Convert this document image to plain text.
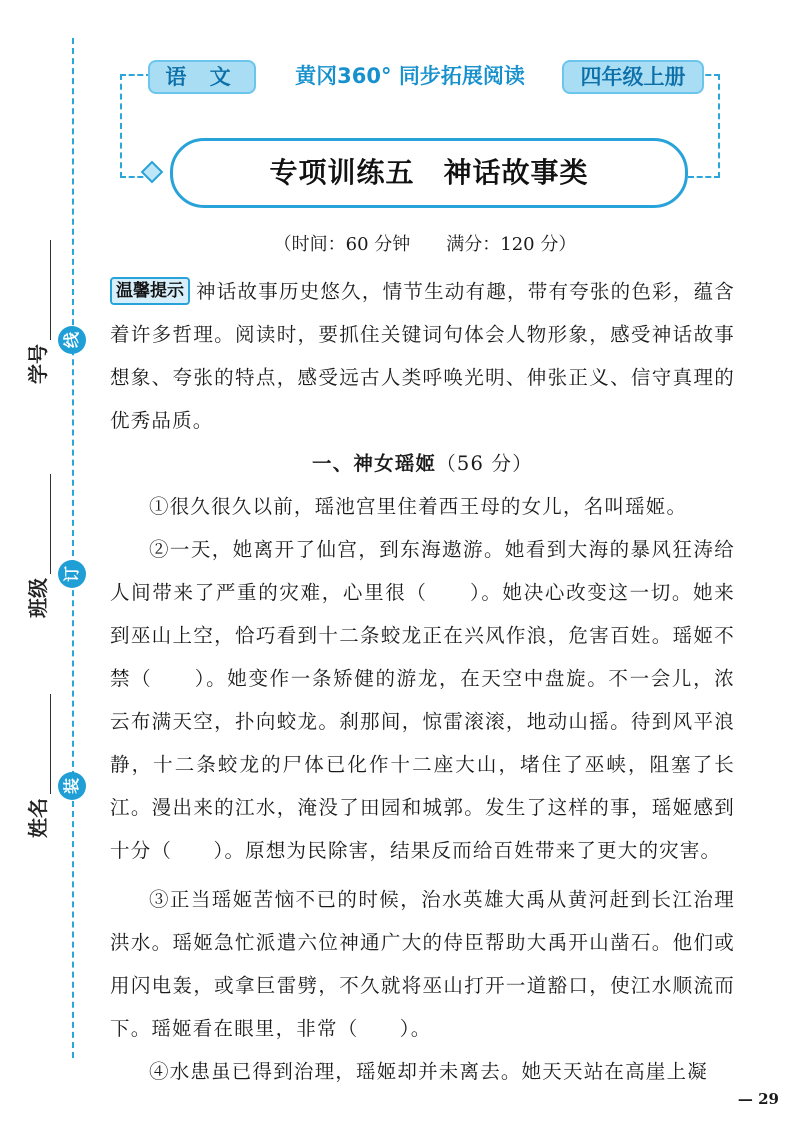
线
订
装
学号
班级
姓名
语 文	黄冈360° 同步拓展阅读	四年级上册
专项训练五　神话故事类
（时间：60 分钟　　满分：120 分）

温馨提示 神话故事历史悠久，情节生动有趣，带有夸张的色彩，蕴含着许多哲理。阅读时，要抓住关键词句体会人物形象，感受神话故事想象、夸张的特点，感受远古人类呼唤光明、伸张正义、信守真理的优秀品质。

一、神女瑶姬（56 分）

①很久很久以前，瑶池宫里住着西王母的女儿，名叫瑶姬。

②一天，她离开了仙宫，到东海遨游。她看到大海的暴风狂涛给人间带来了严重的灾难，心里很（　　）。她决心改变这一切。她来到巫山上空，恰巧看到十二条蛟龙正在兴风作浪，危害百姓。瑶姬不禁（　　）。她变作一条矫健的游龙，在天空中盘旋。不一会儿，浓云布满天空，扑向蛟龙。刹那间，惊雷滚滚，地动山摇。待到风平浪静，十二条蛟龙的尸体已化作十二座大山，堵住了巫峡，阻塞了长江。漫出来的江水，淹没了田园和城郭。发生了这样的事，瑶姬感到十分（　　）。原想为民除害，结果反而给百姓带来了更大的灾害。

③正当瑶姬苦恼不已的时候，治水英雄大禹从黄河赶到长江治理洪水。瑶姬急忙派遣六位神通广大的侍臣帮助大禹开山凿石。他们或用闪电轰，或拿巨雷劈，不久就将巫山打开一道豁口，使江水顺流而下。瑶姬看在眼里，非常（　　）。

④水患虽已得到治理，瑶姬却并未离去。她天天站在高崖上凝

— 29
